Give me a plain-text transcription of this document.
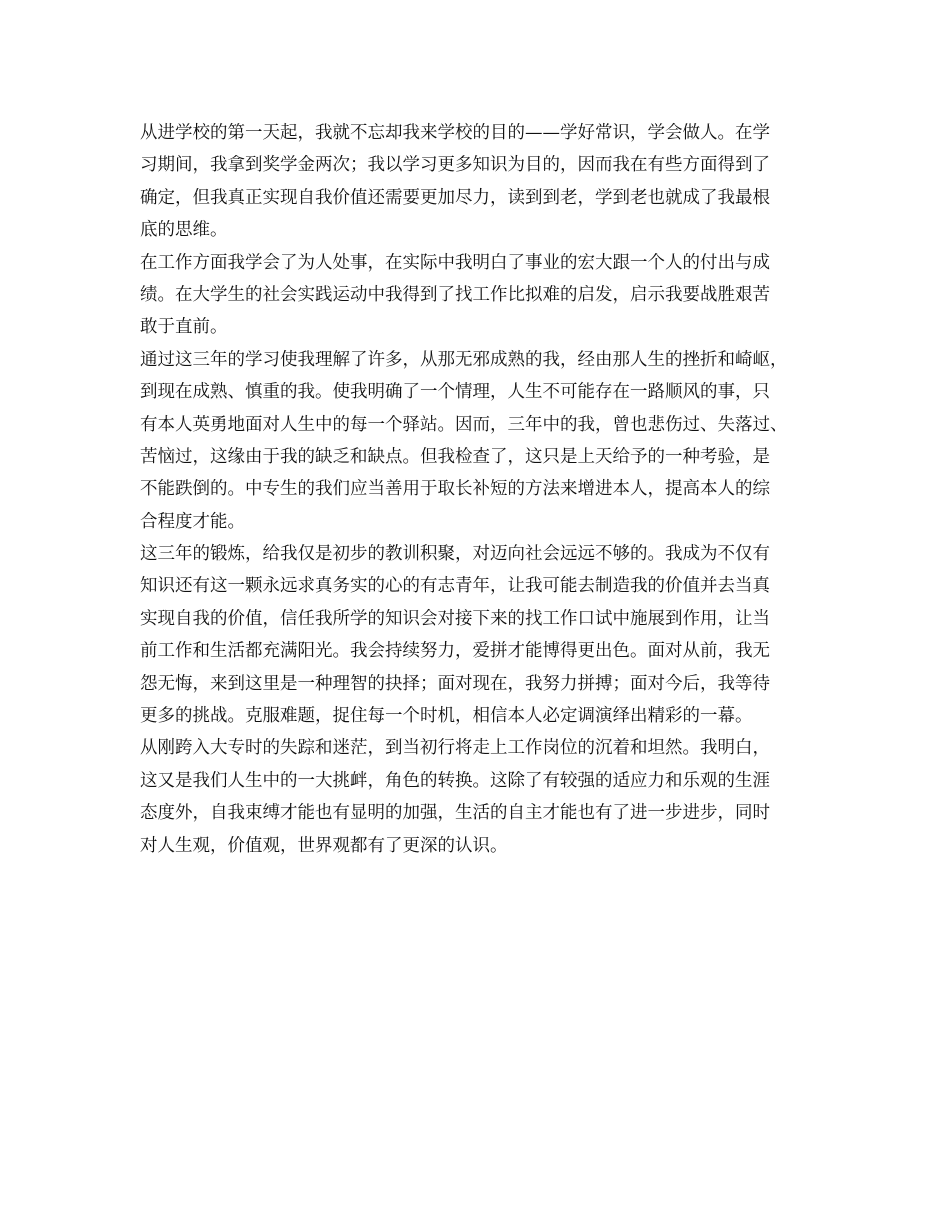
从进学校的第一天起，我就不忘却我来学校的目的——学好常识，学会做人。在学
习期间，我拿到奖学金两次；我以学习更多知识为目的，因而我在有些方面得到了
确定，但我真正实现自我价值还需要更加尽力，读到到老，学到老也就成了我最根
底的思维。
在工作方面我学会了为人处事，在实际中我明白了事业的宏大跟一个人的付出与成
绩。在大学生的社会实践运动中我得到了找工作比拟难的启发，启示我要战胜艰苦
敢于直前。
通过这三年的学习使我理解了许多，从那无邪成熟的我，经由那人生的挫折和崎岖，
到现在成熟、慎重的我。使我明确了一个情理，人生不可能存在一路顺风的事，只
有本人英勇地面对人生中的每一个驿站。因而，三年中的我，曾也悲伤过、失落过、
苦恼过，这缘由于我的缺乏和缺点。但我检查了，这只是上天给予的一种考验，是
不能跌倒的。中专生的我们应当善用于取长补短的方法来增进本人，提高本人的综
合程度才能。
这三年的锻炼，给我仅是初步的教训积聚，对迈向社会远远不够的。我成为不仅有
知识还有这一颗永远求真务实的心的有志青年，让我可能去制造我的价值并去当真
实现自我的价值，信任我所学的知识会对接下来的找工作口试中施展到作用，让当
前工作和生活都充满阳光。我会持续努力，爱拼才能博得更出色。面对从前，我无
怨无悔，来到这里是一种理智的抉择；面对现在，我努力拼搏；面对今后，我等待
更多的挑战。克服难题，捉住每一个时机，相信本人必定调演绎出精彩的一幕。
从刚跨入大专时的失踪和迷茫，到当初行将走上工作岗位的沉着和坦然。我明白，
这又是我们人生中的一大挑衅，角色的转换。这除了有较强的适应力和乐观的生涯
态度外，自我束缚才能也有显明的加强，生活的自主才能也有了进一步进步，同时
对人生观，价值观，世界观都有了更深的认识。
